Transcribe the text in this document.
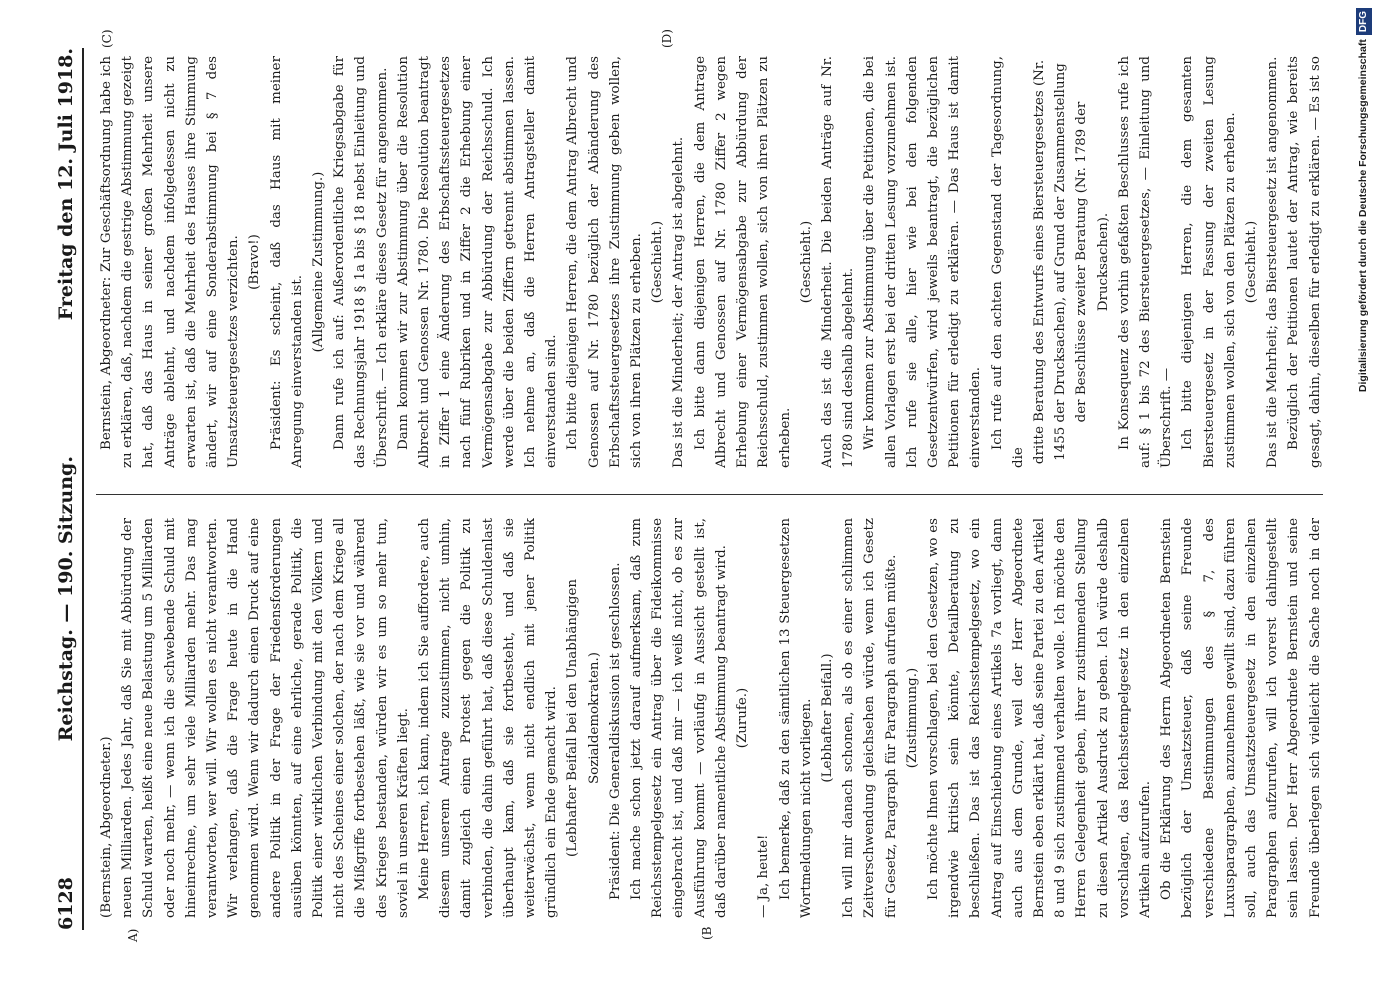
6128
Reichstag. — 190. Sitzung.
Freitag den 12. Juli 1918.
A)	(B
(C)	(D)

(Bernstein, Abgeordneter.) neuen Milliarden. Jedes Jahr, daß Sie mit Abbürdung der Schuld warten, heißt eine neue Belastung um 5 Milliarden oder noch mehr, — wenn ich die schwebende Schuld mit hineinrechne, um sehr viele Milliarden mehr. Das mag verantworten, wer will. Wir wollen es nicht verantworten. Wir verlangen, daß die Frage heute in die Hand genommen wird. Wenn wir dadurch einen Druck auf eine andere Politik in der Frage der Friedensforderungen ausüben könnten, auf eine ehrliche, gerade Politik, die Politik einer wirklichen Verbindung mit den Völkern und nicht des Scheines einer solchen, der nach dem Kriege all die Mißgriffe fortbestehen läßt, wie sie vor und während des Krieges bestanden, würden wir es um so mehr tun, soviel in unseren Kräften liegt. Meine Herren, ich kann, indem ich Sie auffordere, auch diesem unserem Antrage zuzustimmen, nicht umhin, damit zugleich einen Protest gegen die Politik zu verbinden, die dahin geführt hat, daß diese Schuldenlast überhaupt kam, daß sie fortbesteht, und daß sie weiterwächst, wenn nicht endlich mit jener Politik gründlich ein Ende gemacht wird. (Lebhafter Beifall bei den Unabhängigen Sozialdemokraten.) Präsident: Die Generaldiskussion ist geschlossen. Ich mache schon jetzt darauf aufmerksam, daß zum Reichsstempelgesetz ein Antrag über die Fideikommisse eingebracht ist, und daß mir — ich weiß nicht, ob es zur Ausführung kommt — vorläufig in Aussicht gestellt ist, daß darüber namentliche Abstimmung beantragt wird. (Zurufe.)

— Ja, heute! Ich bemerke, daß zu den sämtlichen 13 Steuergesetzen Wortmeldungen nicht vorliegen. (Lebhafter Beifall.) Ich will mir danach schonen, als ob es einer schlimmen Zeitverschwendung gleichsehen würde, wenn ich Gesetz für Gesetz, Paragraph für Paragraph aufrufen müßte. (Zustimmung.) Ich möchte Ihnen vorschlagen, bei den Gesetzen, wo es irgendwie kritisch sein könnte, Detailberatung zu beschließen. Das ist das Reichsstempelgesetz, wo ein Antrag auf Einschiebung eines Artikels 7a vorliegt, dann auch aus dem Grunde, weil der Herr Abgeordnete Bernstein eben erklärt hat, daß seine Partei zu den Artikel 8 und 9 sich zustimmend verhalten wolle. Ich möchte den Herren Gelegenheit geben, ihrer zustimmenden Stellung zu diesen Artikel Ausdruck zu geben. Ich würde deshalb vorschlagen, das Reichsstempelgesetz in den einzelnen Artikeln aufzurufen. Ob die Erklärung des Herrn Abgeordneten Bernstein bezüglich der Umsatzsteuer, daß seine Freunde verschiedene Bestimmungen des § 7, des Luxusparagraphen, anzunehmen gewillt sind, dazu führen soll, auch das Umsatzsteuergesetz in den einzelnen Paragraphen aufzurufen, will ich vorerst dahingestellt sein lassen. Der Herr Abgeordnete Bernstein und seine Freunde überlegen sich vielleicht die Sache noch in der

Bernstein, Abgeordneter: Zur Geschäftsordnung habe ich zu erklären, daß, nachdem die gestrige Abstimmung gezeigt hat, daß das Haus in seiner großen Mehrheit unsere Anträge ablehnt, und nachdem infolgedessen nicht zu erwarten ist, daß die Mehrheit des Hauses ihre Stimmung ändert, wir auf eine Sonderabstimmung bei § 7 des Umsatzsteuergesetzes verzichten. (Bravo!) Präsident: Es scheint, daß das Haus mit meiner Anregung einverstanden ist.

(Allgemeine Zustimmung.) Dann rufe ich auf: Außerordentliche Kriegsabgabe für das Rechnungsjahr 1918 § 1a bis § 18 nebst Einleitung und Überschrift. — Ich erkläre dieses Gesetz für angenommen. Dann kommen wir zur Abstimmung über die Resolution Albrecht und Genossen Nr. 1780. Die Resolution beantragt in Ziffer 1 eine Änderung des Erbschaftssteuergesetzes nach fünf Rubriken und in Ziffer 2 die Erhebung einer Vermögensabgabe zur Abbürdung der Reichsschuld. Ich werde über die beiden Ziffern getrennt abstimmen lassen. Ich nehme an, daß die Herren Antragsteller damit einverstanden sind. Ich bitte diejenigen Herren, die dem Antrag Albrecht und Genossen auf Nr. 1780 bezüglich der Abänderung des Erbschaftssteuergesetzes ihre Zustimmung geben wollen, sich von ihren Plätzen zu erheben. (Geschieht.) Das ist die Minderheit; der Antrag ist abgelehnt. Ich bitte dann diejenigen Herren, die dem Antrage Albrecht und Genossen auf Nr. 1780 Ziffer 2 wegen Erhebung einer Vermögensabgabe zur Abbürdung der Reichsschuld, zustimmen wollen, sich von ihren Plätzen zu erheben.

(Geschieht.) Auch das ist die Minderheit. Die beiden Anträge auf Nr. 1780 sind deshalb abgelehnt. Wir kommen zur Abstimmung über die Petitionen, die bei allen Vorlagen erst bei der dritten Lesung vorzunehmen ist. Ich rufe sie alle, hier wie bei den folgenden Gesetzentwürfen, wird jeweils beantragt, die bezüglichen Petitionen für erledigt zu erklären. — Das Haus ist damit einverstanden. Ich rufe auf den achten Gegenstand der Tagesordnung, die dritte Beratung des Entwurfs eines Biersteuergesetzes (Nr. 1455 der Drucksachen), auf Grund der Zusammenstellung der Beschlüsse zweiter Beratung (Nr. 1789 der Drucksachen). In Konsequenz des vorhin gefaßten Beschlusses rufe ich auf: § 1 bis 72 des Biersteuergesetzes, — Einleitung und Überschrift. — Ich bitte diejenigen Herren, die dem gesamten Biersteuergesetz in der Fassung der zweiten Lesung zustimmen wollen, sich von den Plätzen zu erheben. (Geschieht.) Das ist die Mehrheit; das Biersteuergesetz ist angenommen. Bezüglich der Petitionen lautet der Antrag, wie bereits gesagt, dahin, dieselben für erledigt zu erklären. — Es ist so	Digitalisierung gefördert durch die Deutsche ForschungsgemeinschaftDFG
